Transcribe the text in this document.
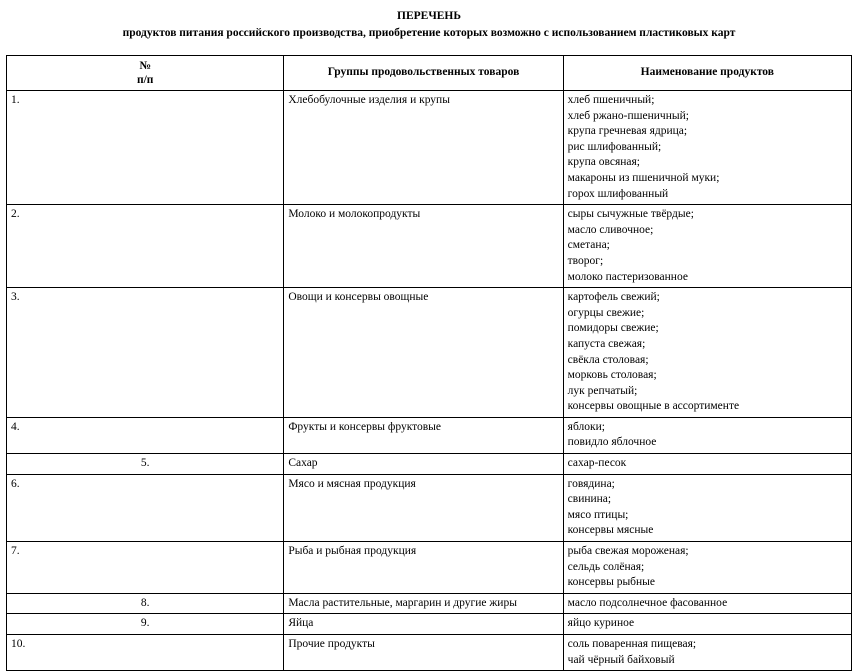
ПЕРЕЧЕНЬ
продуктов питания российского производства, приобретение которых возможно с использованием пластиковых карт
№
п/п	Группы продовольственных товаров	Наименование продуктов
1.	Хлебобулочные изделия и крупы	хлеб пшеничный;
хлеб ржано-пшеничный;
крупа гречневая ядрица;
рис шлифованный;
крупа овсяная;
макароны из пшеничной муки;
горох шлифованный

2.	Молоко и молокопродукты	сыры сычужные твёрдые;
масло сливочное;
сметана;
творог;
молоко пастеризованное

3.	Овощи и консервы овощные	картофель свежий;
огурцы свежие;
помидоры свежие;
капуста свежая;
свёкла столовая;
морковь столовая;
лук репчатый;
консервы овощные в ассортименте

4.	Фрукты и консервы фруктовые	яблоки;
повидло яблочное

5.	Сахар	сахар-песок

6.	Мясо и мясная продукция	говядина;
свинина;
мясо птицы;
консервы мясные

7.	Рыба и рыбная продукция	рыба свежая мороженая;
сельдь солёная;
консервы рыбные

8.	Масла растительные, маргарин и другие жиры	масло подсолнечное фасованное

9.	Яйца	яйцо куриное

10.	Прочие продукты	соль поваренная пищевая;
чай чёрный байховый
